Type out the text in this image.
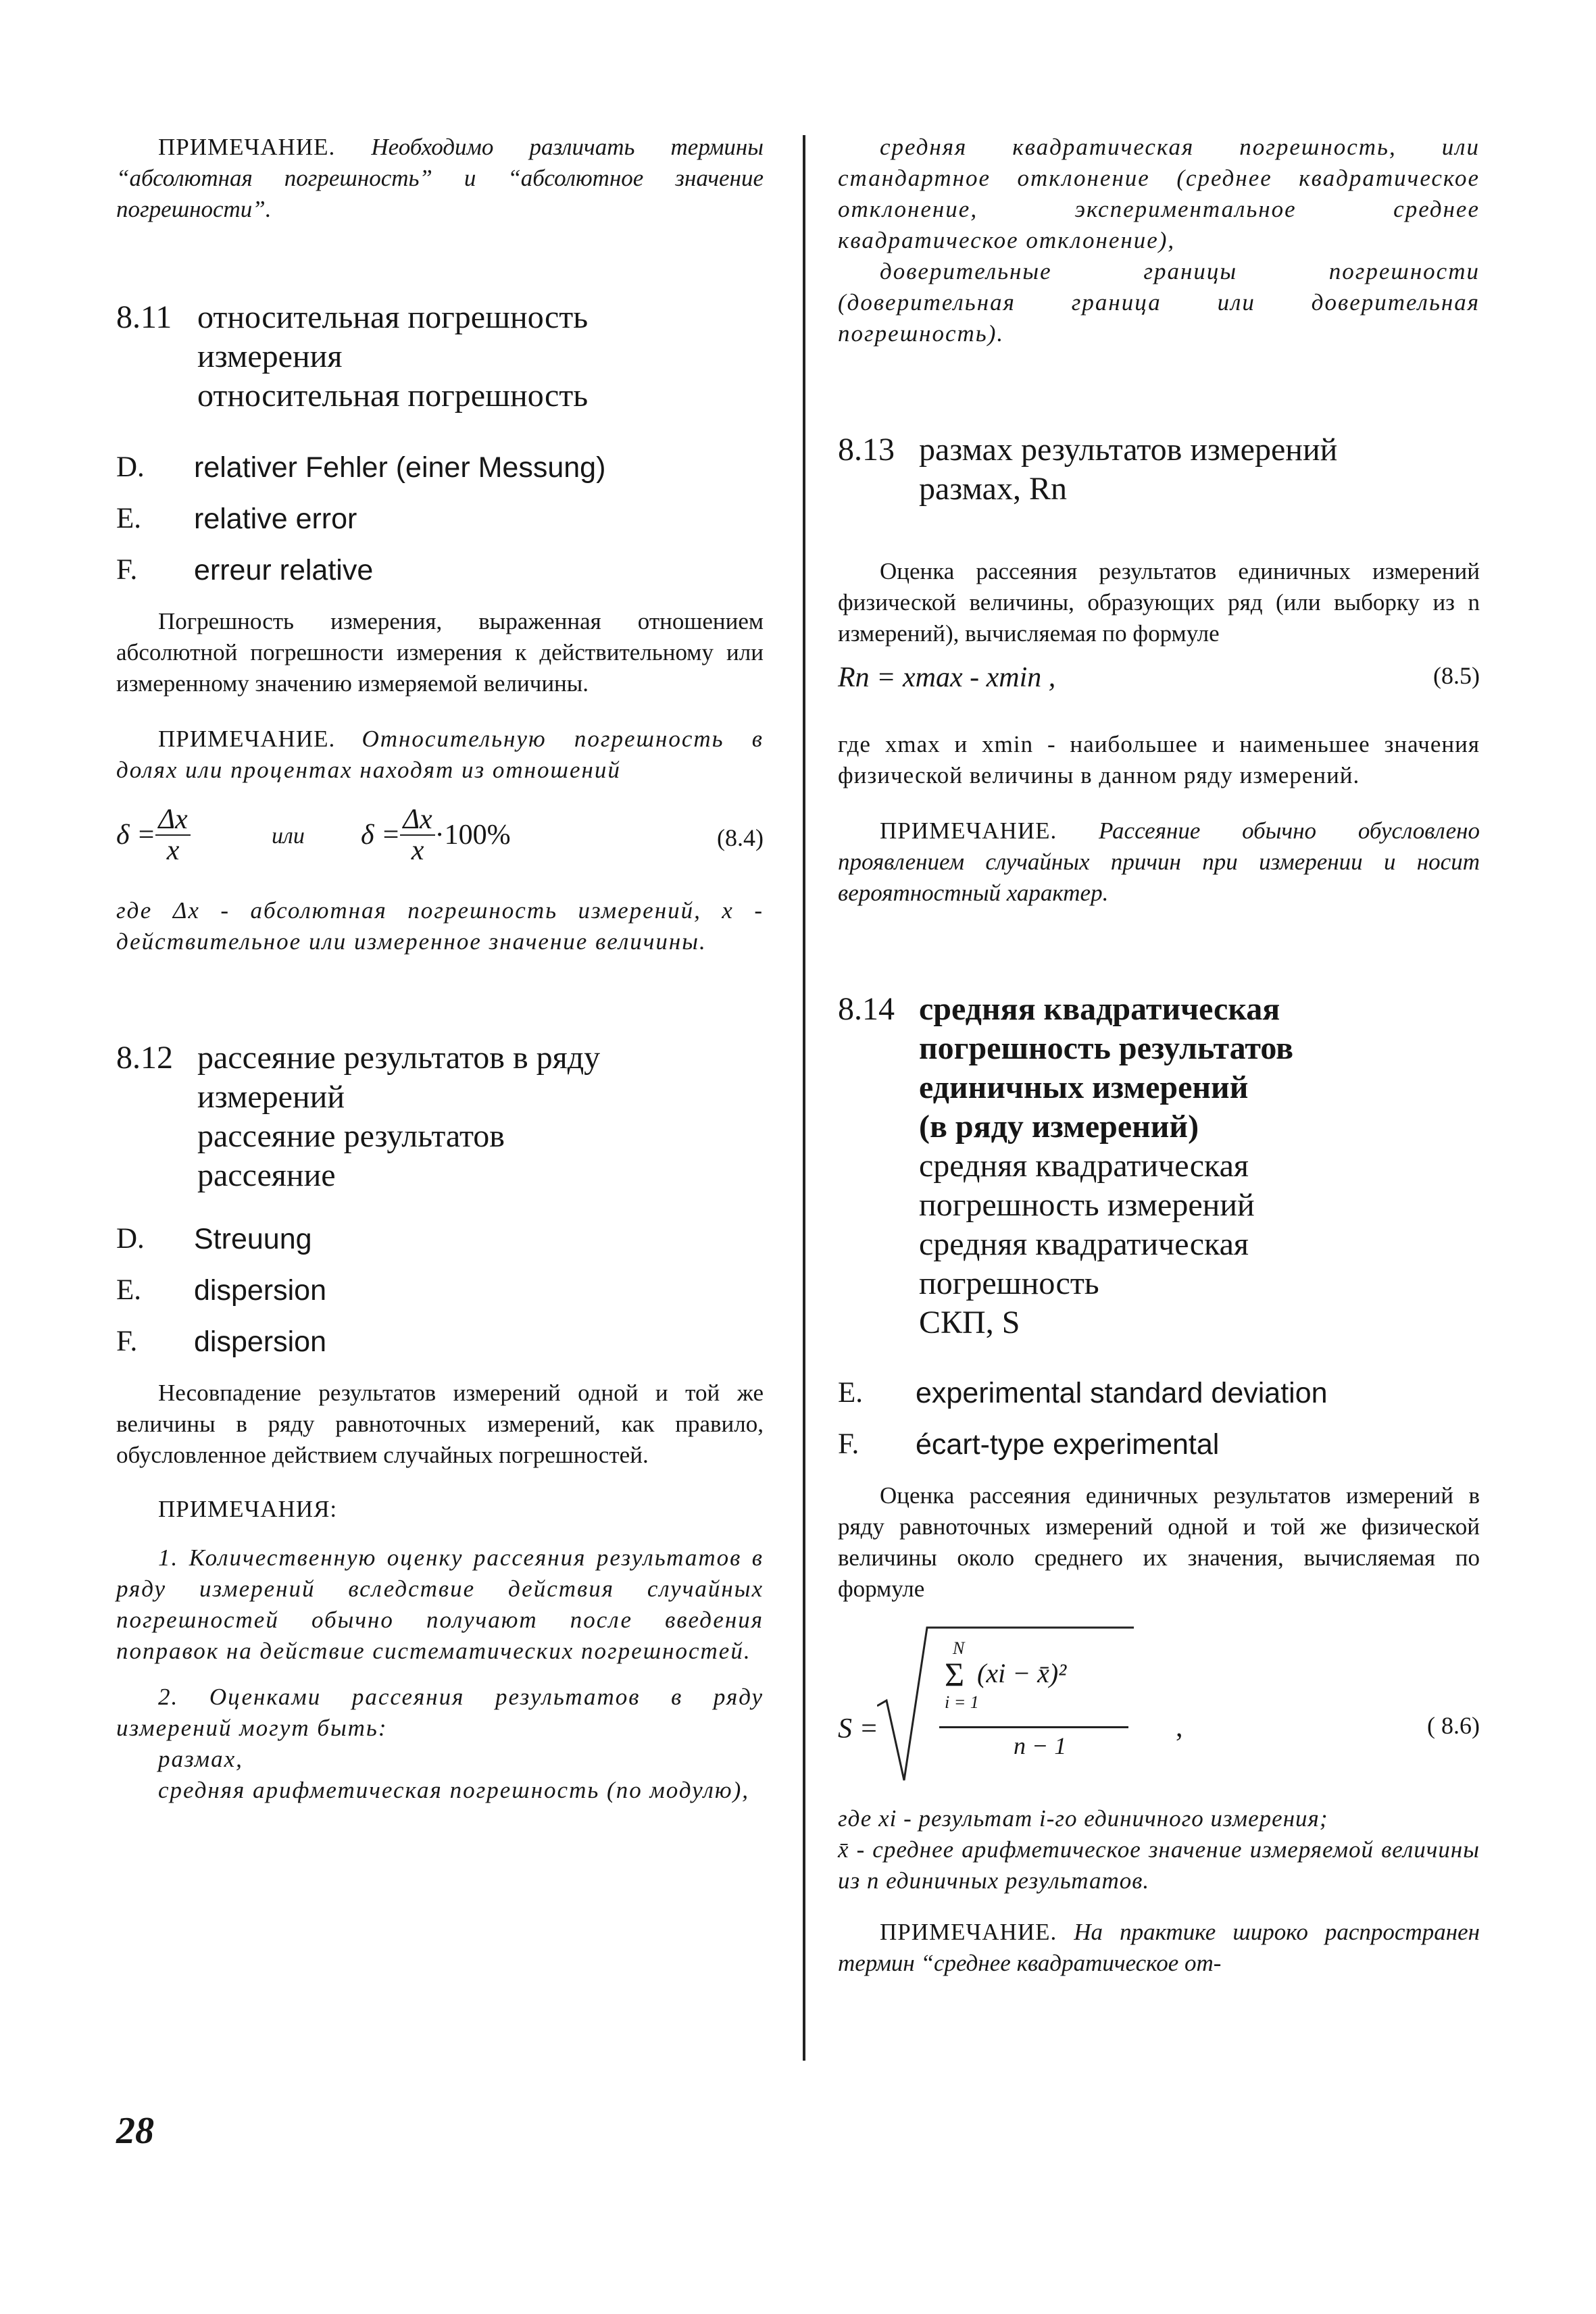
ПРИМЕЧАНИЕ. Необходимо различать термины “абсолютная погрешность” и “абсолютное значение погрешности”.

8.11 относительная погрешность
измерения
относительная погрешность
D.	relativer Fehler (einer Messung)
E.	relative error
F.	erreur relative

Погрешность измерения, выраженная отношением абсолютной погрешности измерения к действительному или измеренному значению измеряемой величины.

ПРИМЕЧАНИЕ. Относительную погрешность в долях или процентах находят из отношений

$\delta = \frac{\Delta x}{x}$	или $\delta = \frac{\Delta x}{x} \cdot 100\%$	(8.4)

где Δx - абсолютная погрешность измерений, x - действительное или измеренное значение величины.

8.12 рассеяние результатов в ряду
измерений
рассеяние результатов
рассеяние
D.	Streuung
E.	dispersion
F.	dispersion

Несовпадение результатов измерений одной и той же величины в ряду равноточных измерений, как правило, обусловленное действием случайных погрешностей.

ПРИМЕЧАНИЯ:

1. Количественную оценку рассеяния результатов в ряду измерений вследствие действия случайных погрешностей обычно получают после введения поправок на действие систематических погрешностей.

2. Оценками рассеяния результатов в ряду измерений могут быть:

размах,

средняя арифметическая погрешность (по модулю),

средняя квадратическая погрешность, или стандартное отклонение (среднее квадратическое отклонение, экспериментальное среднее квадратическое отклонение),

доверительные границы погрешности (доверительная граница или доверительная погрешность).

8.13 размах результатов измерений
размах, Rn

Оценка рассеяния результатов единичных измерений физической величины, образующих ряд (или выборку из n измерений), вычисляемая по формуле

Rn = xmax - xmin ,	(8.5)

где xmax и xmin - наибольшее и наименьшее значения физической величины в данном ряду измерений.

ПРИМЕЧАНИЕ. Рассеяние обычно обусловлено проявлением случайных причин при измерении и носит вероятностный характер.

8.14 средняя квадратическая
погрешность результатов
единичных измерений
(в ряду измерений)
средняя квадратическая
погрешность измерений
средняя квадратическая
погрешность
СКП, S
E.	experimental standard deviation
F.	écart-type experimental

Оценка рассеяния единичных результатов измерений в ряду равноточных измерений одной и той же физической величины около среднего их значения, вычисляемая по формуле

S =
N
Σ (xi − x̄)²
i = 1
n − 1
,	( 8.6)

где xi - результат i-го единичного измерения;

x̄ - среднее арифметическое значение измеряемой величины из n единичных результатов.

ПРИМЕЧАНИЕ. На практике широко распространен термин “среднее квадратическое от-

28
